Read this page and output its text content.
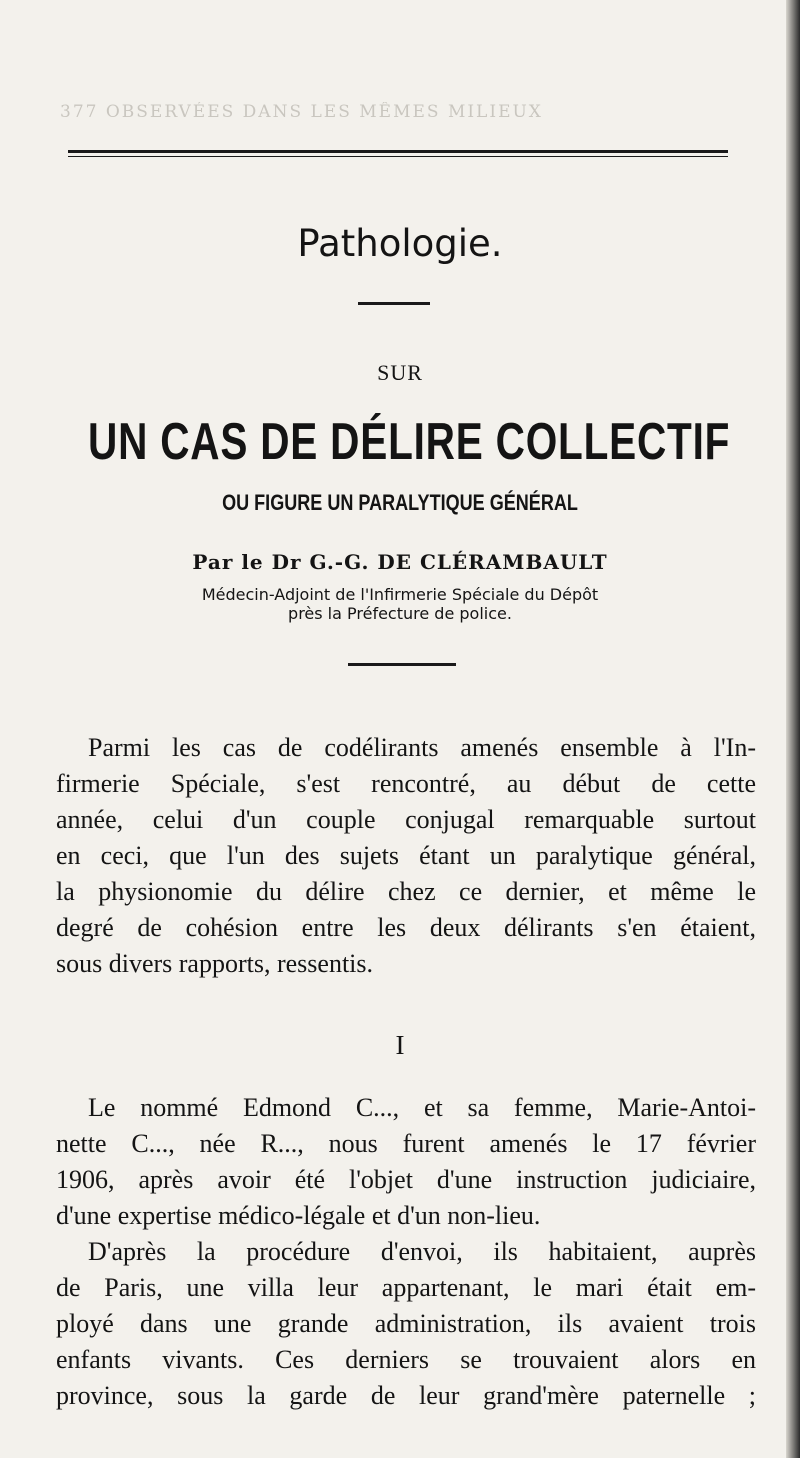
377 OBSERVÉES DANS LES MÊMES MILIEUX
Pathologie.
SUR
UN CAS DE DÉLIRE COLLECTIF
OU FIGURE UN PARALYTIQUE GÉNÉRAL
Par le Dr G.-G. DE CLÉRAMBAULT
Médecin-Adjoint de l'Infirmerie Spéciale du Dépôt
près la Préfecture de police.
Parmi les cas de codélirants amenés ensemble à l'In-
firmerie Spéciale, s'est rencontré, au début de cette
année, celui d'un couple conjugal remarquable surtout
en ceci, que l'un des sujets étant un paralytique général,
la physionomie du délire chez ce dernier, et même le
degré de cohésion entre les deux délirants s'en étaient,
sous divers rapports, ressentis.
I
Le nommé Edmond C..., et sa femme, Marie-Antoi-
nette C..., née R..., nous furent amenés le 17 février
1906, après avoir été l'objet d'une instruction judiciaire,
d'une expertise médico-légale et d'un non-lieu.
D'après la procédure d'envoi, ils habitaient, auprès
de Paris, une villa leur appartenant, le mari était em-
ployé dans une grande administration, ils avaient trois
enfants vivants. Ces derniers se trouvaient alors en
province, sous la garde de leur grand'mère paternelle ;
